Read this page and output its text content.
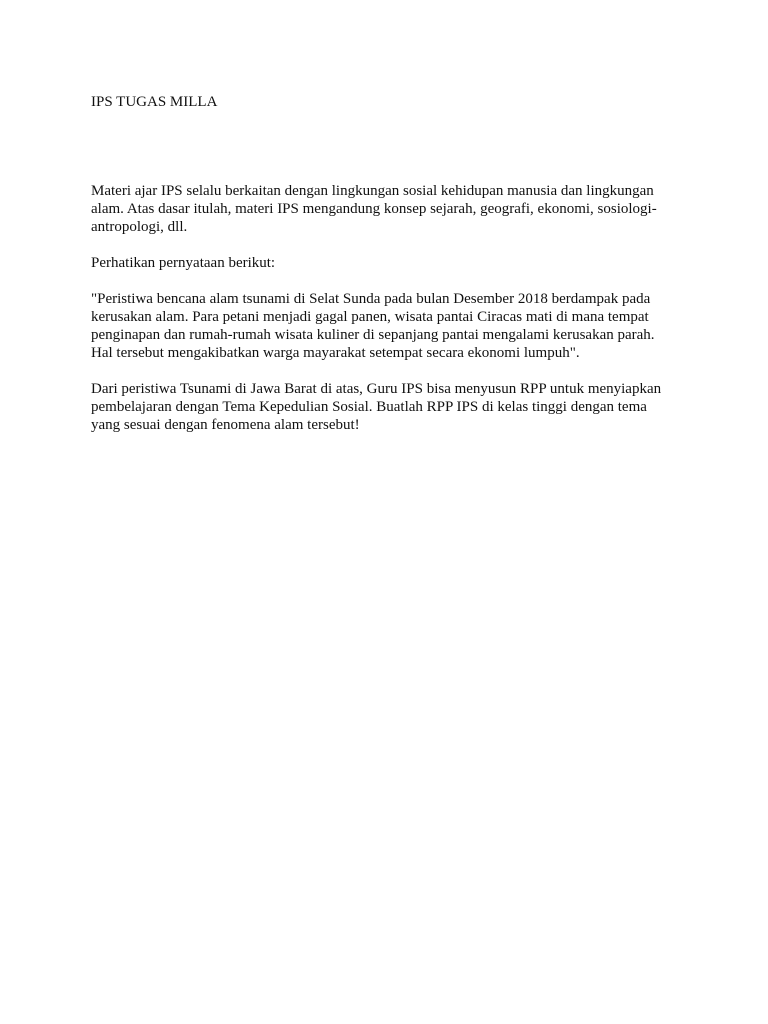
IPS TUGAS MILLA

Materi ajar IPS selalu berkaitan dengan lingkungan sosial kehidupan manusia dan lingkungan
alam. Atas dasar itulah, materi IPS mengandung konsep sejarah, geografi, ekonomi, sosiologi-
antropologi, dll.

Perhatikan pernyataan berikut:

"Peristiwa bencana alam tsunami di Selat Sunda pada bulan Desember 2018 berdampak pada
kerusakan alam. Para petani menjadi gagal panen, wisata pantai Ciracas mati di mana tempat
penginapan dan rumah-rumah wisata kuliner di sepanjang pantai mengalami kerusakan parah.
Hal tersebut mengakibatkan warga mayarakat setempat secara ekonomi lumpuh".

Dari peristiwa Tsunami di Jawa Barat di atas, Guru IPS bisa menyusun RPP untuk menyiapkan
pembelajaran dengan Tema Kepedulian Sosial. Buatlah RPP IPS di kelas tinggi dengan tema
yang sesuai dengan fenomena alam tersebut!
